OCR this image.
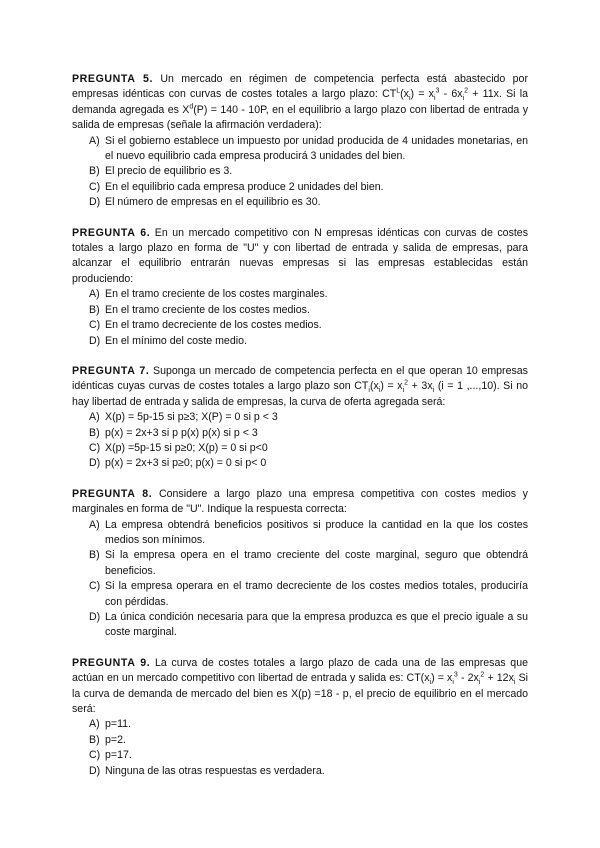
PREGUNTA 5. Un mercado en régimen de competencia perfecta está abastecido por empresas idénticas con curvas de costes totales a largo plazo: $CT^L(x_i) = x_i^3 - 6x_i^2 + 11x$. Si la demanda agregada es $X^d(P) = 140 - 10P$, en el equilibrio a largo plazo con libertad de entrada y salida de empresas (señale la afirmación verdadera):
A) Si el gobierno establece un impuesto por unidad producida de 4 unidades monetarias, en el nuevo equilibrio cada empresa producirá 3 unidades del bien.
B) El precio de equilibrio es 3.
C) En el equilibrio cada empresa produce 2 unidades del bien.
D) El número de empresas en el equilibrio es 30.
PREGUNTA 6. En un mercado competitivo con N empresas idénticas con curvas de costes totales a largo plazo en forma de "U" y con libertad de entrada y salida de empresas, para alcanzar el equilibrio entrarán nuevas empresas si las empresas establecidas están produciendo:
A) En el tramo creciente de los costes marginales.
B) En el tramo creciente de los costes medios.
C) En el tramo decreciente de los costes medios.
D) En el mínimo del coste medio.
PREGUNTA 7. Suponga un mercado de competencia perfecta en el que operan 10 empresas idénticas cuyas curvas de costes totales a largo plazo son $CT_i(x_i) = x_i^2 + 3x_i$ (i = 1 ,...,10). Si no hay libertad de entrada y salida de empresas, la curva de oferta agregada será:
A) X(p) = 5p-15 si p≥3; X(P) = 0 si p < 3
B) p(x) = 2x+3 si p p(x) p(x) si p < 3
C) X(p) =5p-15 si p≥0; X(p) = 0 si p<0
D) p(x) = 2x+3 si p≥0; p(x) = 0 si p< 0
PREGUNTA 8. Considere a largo plazo una empresa competitiva con costes medios y marginales en forma de "U". Indique la respuesta correcta:
A) La empresa obtendrá beneficios positivos si produce la cantidad en la que los costes medios son mínimos.
B) Si la empresa opera en el tramo creciente del coste marginal, seguro que obtendrá beneficios.
C) Si la empresa operara en el tramo decreciente de los costes medios totales, produciría con pérdidas.
D) La única condición necesaria para que la empresa produzca es que el precio iguale a su coste marginal.
PREGUNTA 9. La curva de costes totales a largo plazo de cada una de las empresas que actúan en un mercado competitivo con libertad de entrada y salida es: $CT(x_i) = x_i^3 - 2x_i^2 + 12x_i$ Si la curva de demanda de mercado del bien es X(p) =18 - p, el precio de equilibrio en el mercado será:
A) p=11.
B) p=2.
C) p=17.
D) Ninguna de las otras respuestas es verdadera.
